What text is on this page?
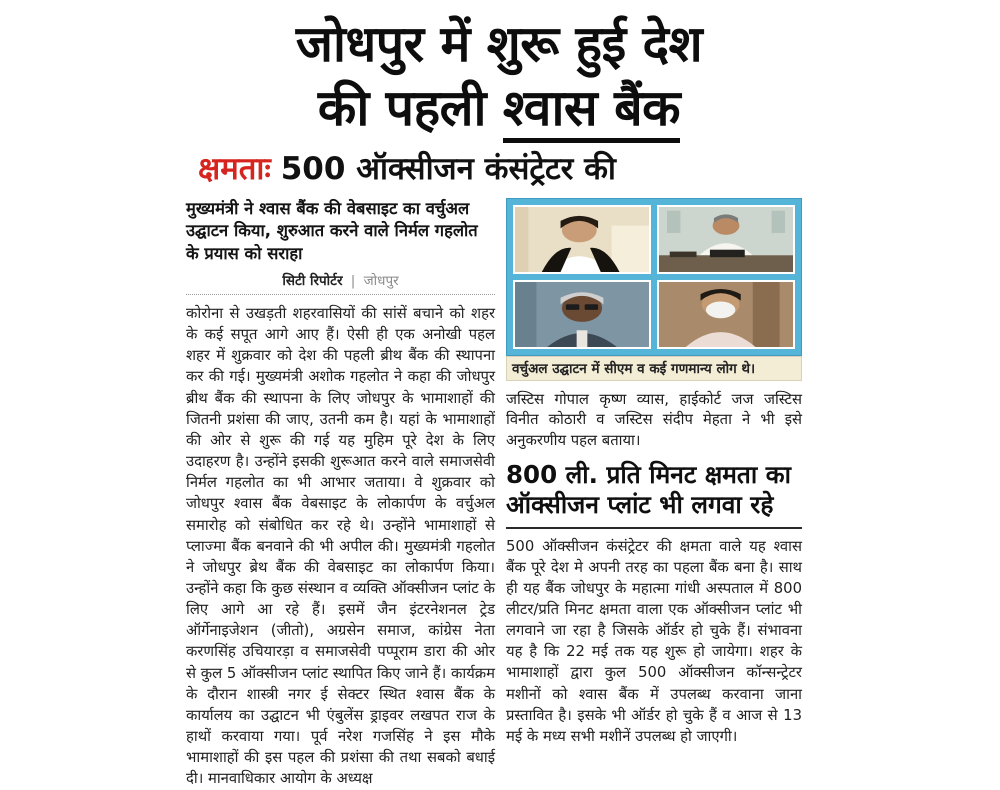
जोधपुर में शुरू हुई देश
की पहली श्वास बैंक
क्षमताः 500 ऑक्सीजन कंसंट्रेटर की

मुख्यमंत्री ने श्वास बैंक की वेबसाइट का वर्चुअल उद्घाटन किया, शुरुआत करने वाले निर्मल गहलोत के प्रयास को सराहा

सिटी रिपोर्टर | जोधपुर

कोरोना से उखड़ती शहरवासियों की सांसें बचाने को शहर के कई सपूत आगे आए हैं। ऐसी ही एक अनोखी पहल शहर में शुक्रवार को देश की पहली ब्रीथ बैंक की स्थापना कर की गई। मुख्यमंत्री अशोक गहलोत ने कहा की जोधपुर ब्रीथ बैंक की स्थापना के लिए जोधपुर के भामाशाहों की जितनी प्रशंसा की जाए, उतनी कम है। यहां के भामाशाहों की ओर से शुरू की गई यह मुहिम पूरे देश के लिए उदाहरण है। उन्होंने इसकी शुरूआत करने वाले समाजसेवी निर्मल गहलोत का भी आभार जताया। वे शुक्रवार को जोधपुर श्वास बैंक वेबसाइट के लोकार्पण के वर्चुअल समारोह को संबोधित कर रहे थे। उन्होंने भामाशाहों से प्लाज्मा बैंक बनवाने की भी अपील की। मुख्यमंत्री गहलोत ने जोधपुर ब्रेथ बैंक की वेबसाइट का लोकार्पण किया। उन्होंने कहा कि कुछ संस्थान व व्यक्ति ऑक्सीजन प्लांट के लिए आगे आ रहे हैं। इसमें जैन इंटरनेशनल ट्रेड ऑर्गेनाइजेशन (जीतो), अग्रसेन समाज, कांग्रेस नेता करणसिंह उचियारड़ा व समाजसेवी पप्पूराम डारा की ओर से कुल 5 ऑक्सीजन प्लांट स्थापित किए जाने हैं। कार्यक्रम के दौरान शास्त्री नगर ई सेक्टर स्थित श्वास बैंक के कार्यालय का उद्घाटन भी एंबुलेंस ड्राइवर लखपत राज के हाथों करवाया गया। पूर्व नरेश गजसिंह ने इस मौके भामाशाहों की इस पहल की प्रशंसा की तथा सबको बधाई दी। मानवाधिकार आयोग के अध्यक्ष

वर्चुअल उद्घाटन में सीएम व कई गणमान्य लोग थे।

जस्टिस गोपाल कृष्ण व्यास, हाईकोर्ट जज जस्टिस विनीत कोठारी व जस्टिस संदीप मेहता ने भी इसे अनुकरणीय पहल बताया।

800 ली. प्रति मिनट क्षमता का
ऑक्सीजन प्लांट भी लगवा रहे

500 ऑक्सीजन कंसंट्रेटर की क्षमता वाले यह श्वास बैंक पूरे देश मे अपनी तरह का पहला बैंक बना है। साथ ही यह बैंक जोधपुर के महात्मा गांधी अस्पताल में 800 लीटर/प्रति मिनट क्षमता वाला एक ऑक्सीजन प्लांट भी लगवाने जा रहा है जिसके ऑर्डर हो चुके हैं। संभावना यह है कि 22 मई तक यह शुरू हो जायेगा। शहर के भामाशाहों द्वारा कुल 500 ऑक्सीजन कॉन्सन्ट्रेटर मशीनों को श्वास बैंक में उपलब्ध करवाना जाना प्रस्तावित है। इसके भी ऑर्डर हो चुके हैं व आज से 13 मई के मध्य सभी मशीनें उपलब्ध हो जाएगी।
